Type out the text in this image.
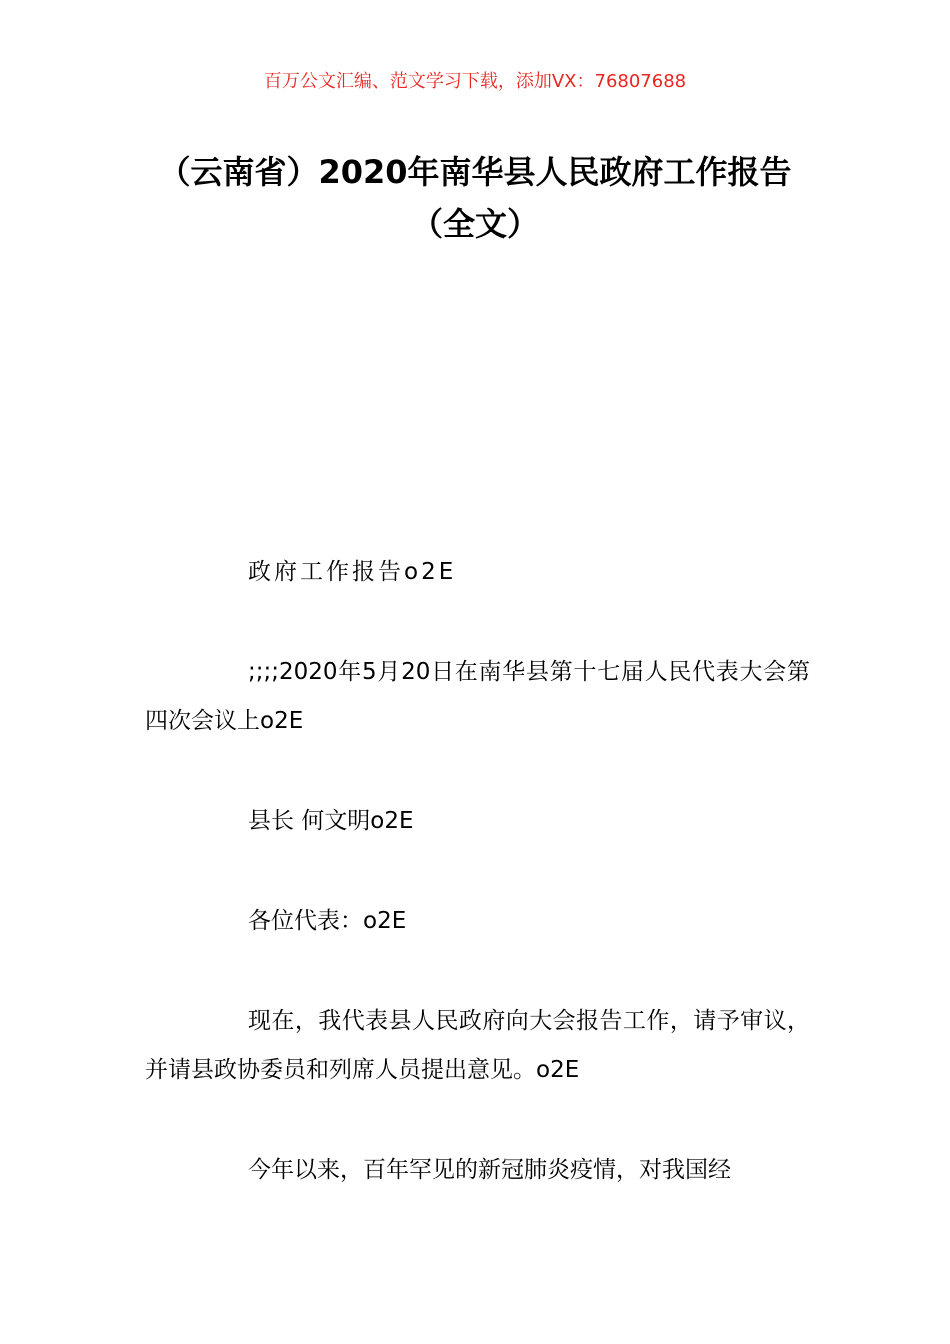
百万公文汇编、范文学习下载，添加VX：76807688
（云南省）2020年南华县人民政府工作报告（全文）

政府工作报告o2E

;;;;2020年5月20日在南华县第十七届人民代表大会第四次会议上o2E

县长 何文明o2E

各位代表：o2E

现在，我代表县人民政府向大会报告工作，请予审议，并请县政协委员和列席人员提出意见。o2E

今年以来，百年罕见的新冠肺炎疫情，对我国经
